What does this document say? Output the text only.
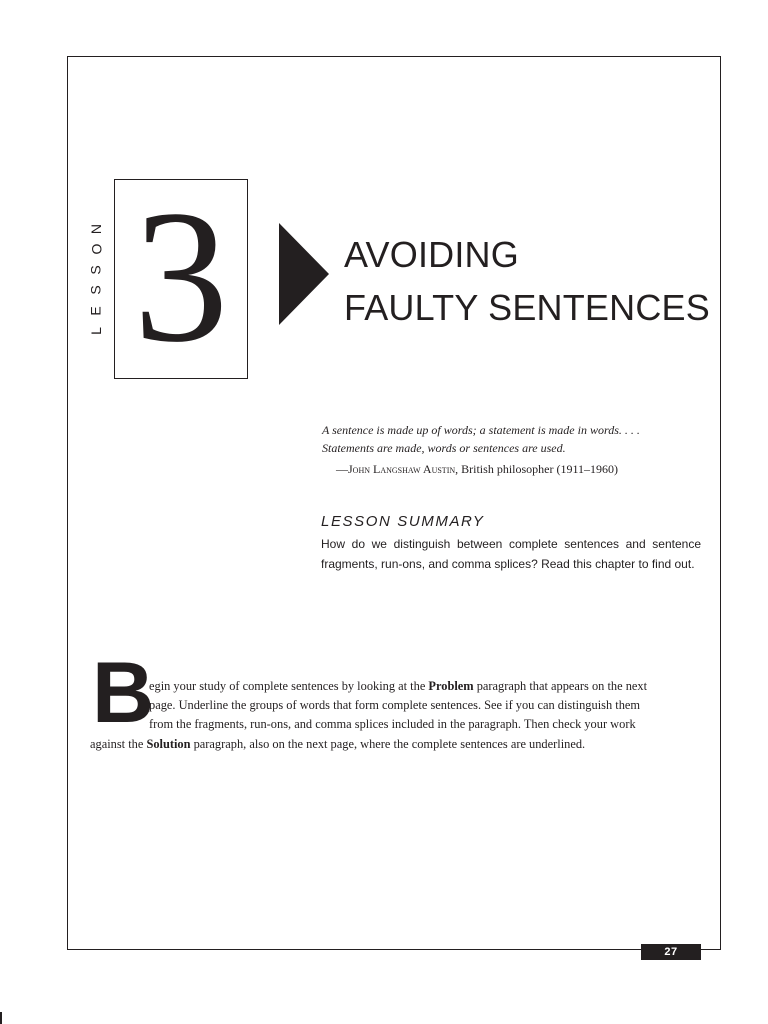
N
O
S
S
E
L 3	AVOIDING
FAULTY SENTENCES
A sentence is made up of words; a statement is made in words. . . .
Statements are made, words or sentences are used.
—John Langshaw Austin, British philosopher (1911–1960)
LESSON SUMMARY
How do we distinguish between complete sentences and sentence fragments, run-ons, and comma splices? Read this chapter to find out.
B
egin your study of complete sentences by looking at the Problem paragraph that appears on the next
page. Underline the groups of words that form complete sentences. See if you can distinguish them
from the fragments, run-ons, and comma splices included in the paragraph. Then check your work
against the Solution paragraph, also on the next page, where the complete sentences are underlined.
27
